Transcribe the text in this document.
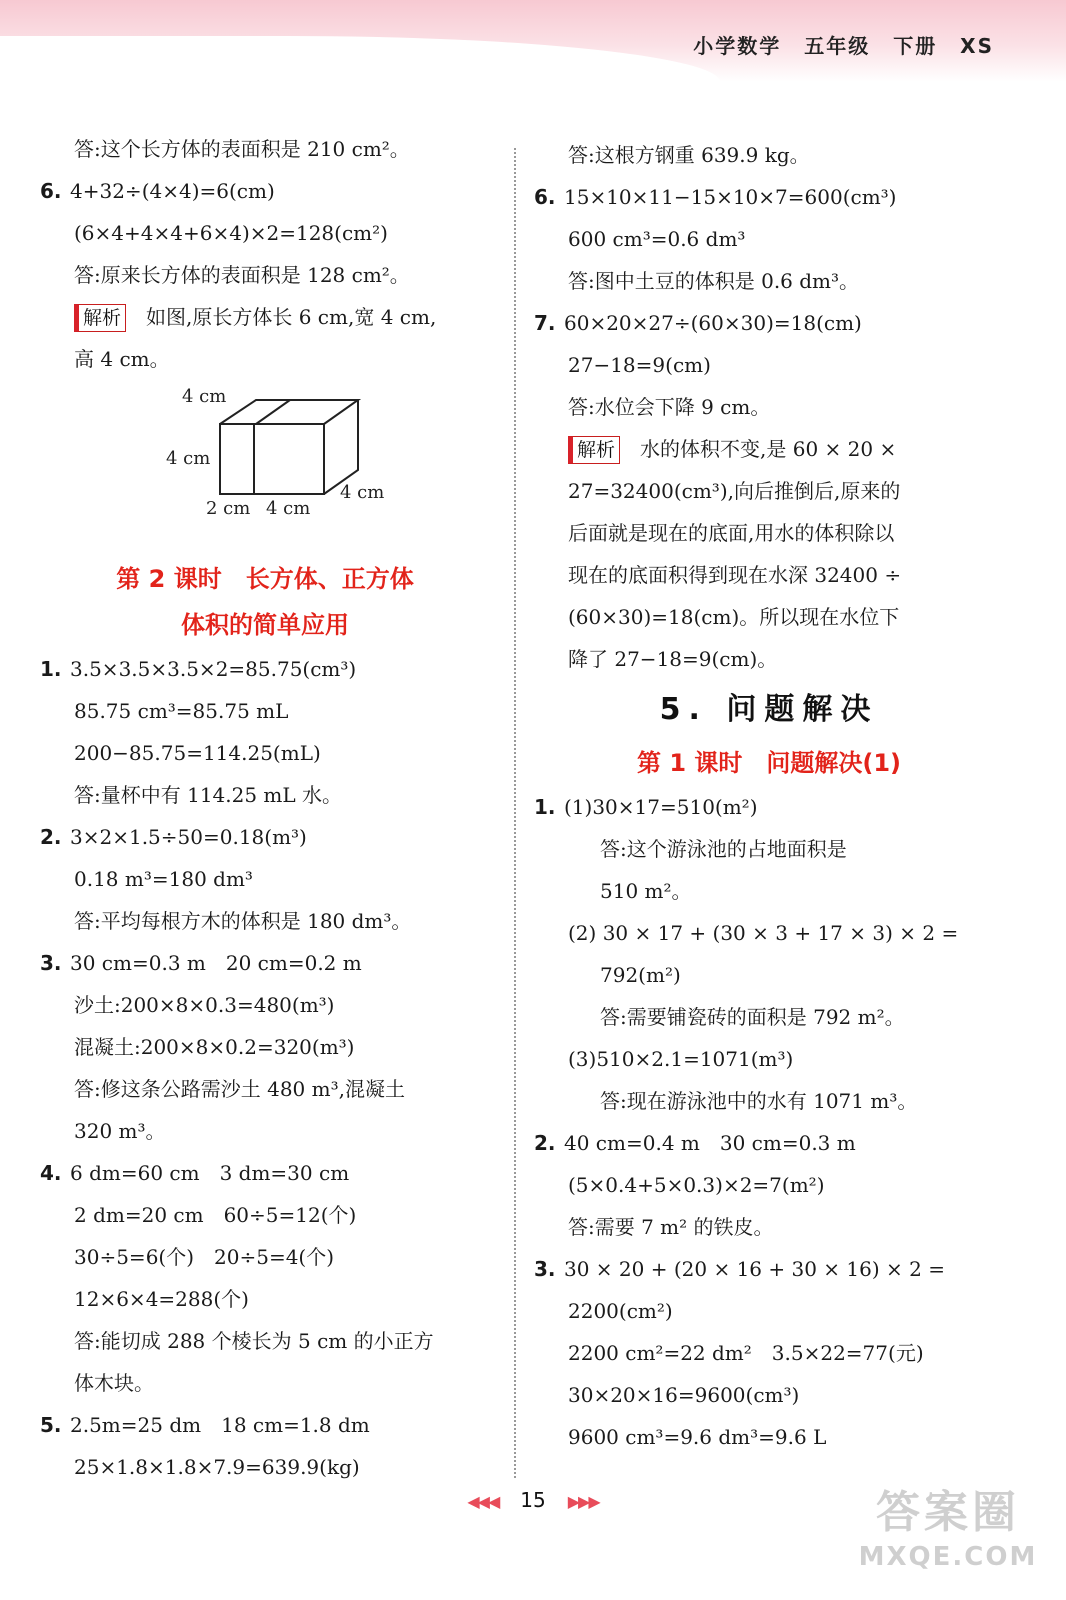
小学数学 五年级 下册 XS
答:这个长方体的表面积是 210 cm²。
6. 4+32÷(4×4)=6(cm)
(6×4+4×4+6×4)×2=128(cm²)
答:原来长方体的表面积是 128 cm²。
解析 如图,原长方体长 6 cm,宽 4 cm,
高 4 cm。
4 cm
4 cm
4 cm
2 cm 4 cm
第 2 课时　长方体、正方体
体积的简单应用
1. 3.5×3.5×3.5×2=85.75(cm³)
85.75 cm³=85.75 mL
200−85.75=114.25(mL)
答:量杯中有 114.25 mL 水。
2. 3×2×1.5÷50=0.18(m³)
0.18 m³=180 dm³
答:平均每根方木的体积是 180 dm³。
3. 30 cm=0.3 m　20 cm=0.2 m
沙土:200×8×0.3=480(m³)
混凝土:200×8×0.2=320(m³)
答:修这条公路需沙土 480 m³,混凝土
320 m³。
4. 6 dm=60 cm　3 dm=30 cm
2 dm=20 cm　60÷5=12(个)
30÷5=6(个)　20÷5=4(个)
12×6×4=288(个)
答:能切成 288 个棱长为 5 cm 的小正方
体木块。
5. 2.5m=25 dm　18 cm=1.8 dm
25×1.8×1.8×7.9=639.9(kg)
答:这根方钢重 639.9 kg。
6. 15×10×11−15×10×7=600(cm³)
600 cm³=0.6 dm³
答:图中土豆的体积是 0.6 dm³。
7. 60×20×27÷(60×30)=18(cm)
27−18=9(cm)
答:水位会下降 9 cm。
解析 水的体积不变,是 60 × 20 ×
27=32400(cm³),向后推倒后,原来的
后面就是现在的底面,用水的体积除以
现在的底面积得到现在水深 32400 ÷
(60×30)=18(cm)。所以现在水位下
降了 27−18=9(cm)。
5. 问题解决
第 1 课时　问题解决(1)
1. (1)30×17=510(m²)
答:这个游泳池的占地面积是
510 m²。
(2) 30 × 17 + (30 × 3 + 17 × 3) × 2 =
792(m²)
答:需要铺瓷砖的面积是 792 m²。
(3)510×2.1=1071(m³)
答:现在游泳池中的水有 1071 m³。
2. 40 cm=0.4 m　30 cm=0.3 m
(5×0.4+5×0.3)×2=7(m²)
答:需要 7 m² 的铁皮。
3. 30 × 20 + (20 × 16 + 30 × 16) × 2 =
2200(cm²)
2200 cm²=22 dm²　3.5×22=77(元)
30×20×16=9600(cm³)
9600 cm³=9.6 dm³=9.6 L
◀◀◀ 15 ▶▶▶	答案圈
MXQE.COM
